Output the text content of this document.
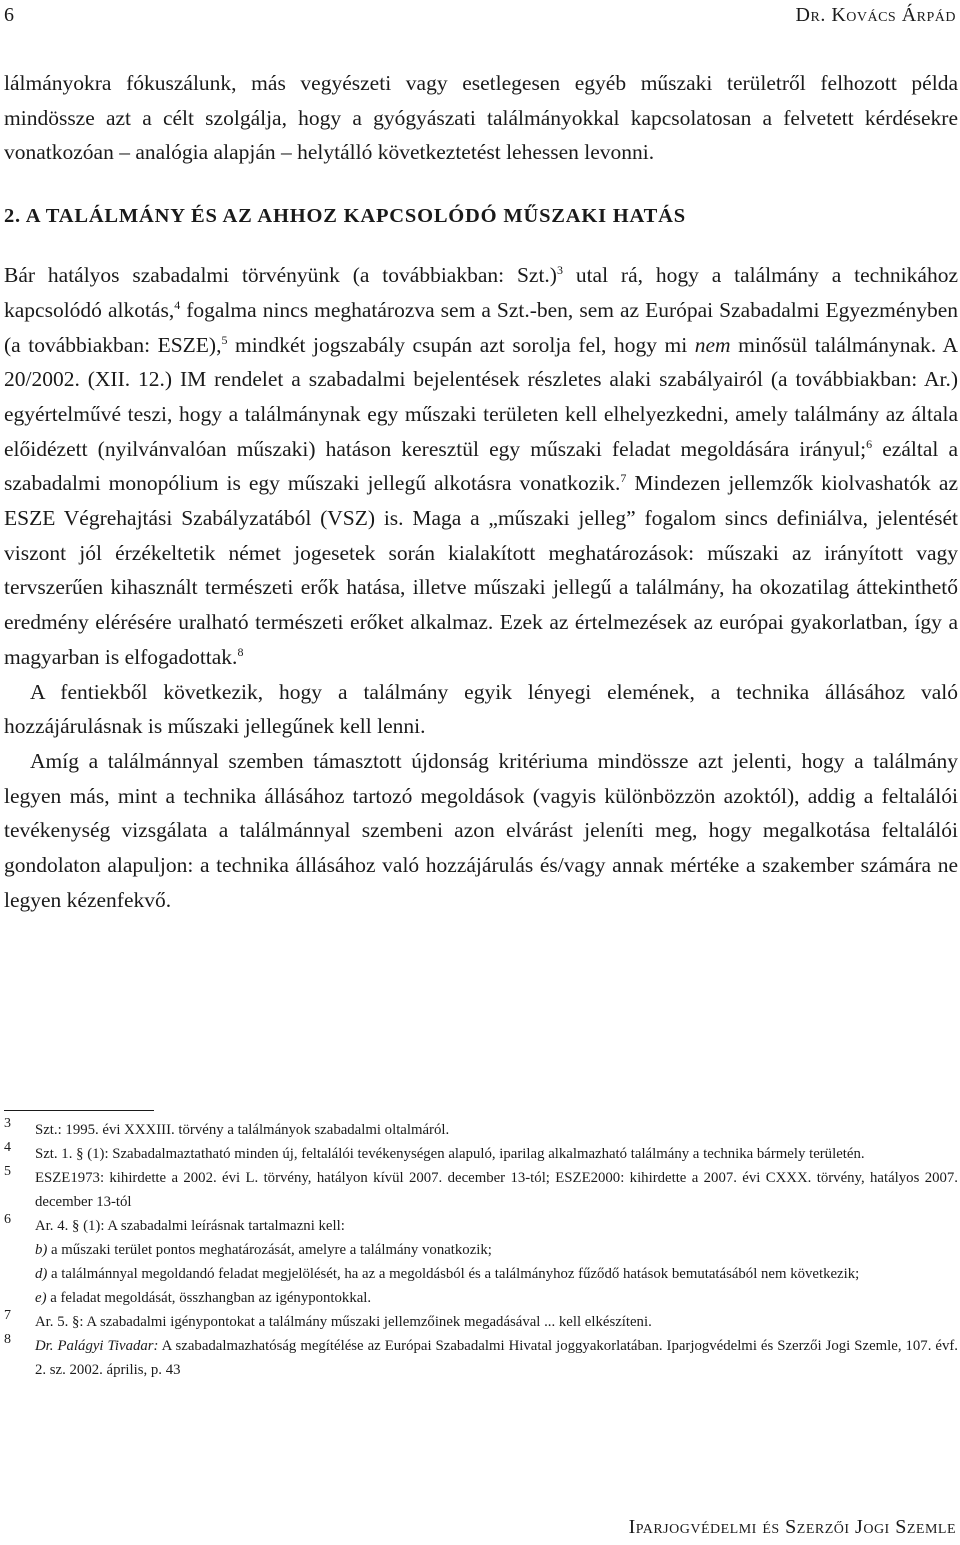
6	Dr. Kovács Árpád

lálmányokra fókuszálunk, más vegyészeti vagy esetlegesen egyéb műszaki területről felhozott példa mindössze azt a célt szolgálja, hogy a gyógyászati találmányokkal kapcsolatosan a felvetett kérdésekre vonatkozóan – analógia alapján – helytálló következtetést lehessen levonni.

2. A TALÁLMÁNY ÉS AZ AHHOZ KAPCSOLÓDÓ MŰSZAKI HATÁS

Bár hatályos szabadalmi törvényünk (a továbbiakban: Szt.)$^3$ utal rá, hogy a találmány a technikához kapcsolódó alkotás,$^4$ fogalma nincs meghatározva sem a Szt.-ben, sem az Európai Szabadalmi Egyezményben (a továbbiakban: ESZE),$^5$ mindkét jogszabály csupán azt sorolja fel, hogy mi nem minősül találmánynak. A 20/2002. (XII. 12.) IM rendelet a szabadalmi bejelentések részletes alaki szabályairól (a továbbiakban: Ar.) egyértelművé teszi, hogy a találmánynak egy műszaki területen kell elhelyezkedni, amely találmány az általa előidézett (nyilvánvalóan műszaki) hatáson keresztül egy műszaki feladat megoldására irányul;$^6$ ezáltal a szabadalmi monopólium is egy műszaki jellegű alkotásra vonatkozik.$^7$ Mindezen jellemzők kiolvashatók az ESZE Végrehajtási Szabályzatából (VSZ) is. Maga a „műszaki jelleg” fogalom sincs definiálva, jelentését viszont jól érzékeltetik német jogesetek során kialakított meghatározások: műszaki az irányított vagy tervszerűen kihasznált természeti erők hatása, illetve műszaki jellegű a találmány, ha okozatilag áttekinthető eredmény elérésére uralható természeti erőket alkalmaz. Ezek az értelmezések az európai gyakorlatban, így a magyarban is elfogadottak.$^8$

A fentiekből következik, hogy a találmány egyik lényegi elemének, a technika állásához való hozzájárulásnak is műszaki jellegűnek kell lenni.

Amíg a találmánnyal szemben támasztott újdonság kritériuma mindössze azt jelenti, hogy a találmány legyen más, mint a technika állásához tartozó megoldások (vagyis különbözzön azoktól), addig a feltalálói tevékenység vizsgálata a találmánnyal szembeni azon elvárást jeleníti meg, hogy megalkotása feltalálói gondolaton alapuljon: a technika állásához való hozzájárulás és/vagy annak mértéke a szakember számára ne legyen kézenfekvő.

3 Szt.: 1995. évi XXXIII. törvény a találmányok szabadalmi oltalmáról.
4 Szt. 1. § (1): Szabadalmaztatható minden új, feltalálói tevékenységen alapuló, iparilag alkalmazható találmány a technika bármely területén.
5 ESZE1973: kihirdette a 2002. évi L. törvény, hatályon kívül 2007. december 13-tól; ESZE2000: kihirdette a 2007. évi CXXX. törvény, hatályos 2007. december 13-tól
6 Ar. 4. § (1): A szabadalmi leírásnak tartalmazni kell:
b) a műszaki terület pontos meghatározását, amelyre a találmány vonatkozik;
d) a találmánnyal megoldandó feladat megjelölését, ha az a megoldásból és a találmányhoz fűződő hatások bemutatásából nem következik;
e) a feladat megoldását, összhangban az igénypontokkal.
7 Ar. 5. §: A szabadalmi igénypontokat a találmány műszaki jellemzőinek megadásával ... kell elkészíteni.
8 Dr. Palágyi Tivadar: A szabadalmazhatóság megítélése az Európai Szabadalmi Hivatal joggyakorlatában. Iparjogvédelmi és Szerzői Jogi Szemle, 107. évf. 2. sz. 2002. április, p. 43
Iparjogvédelmi és Szerzői Jogi Szemle
